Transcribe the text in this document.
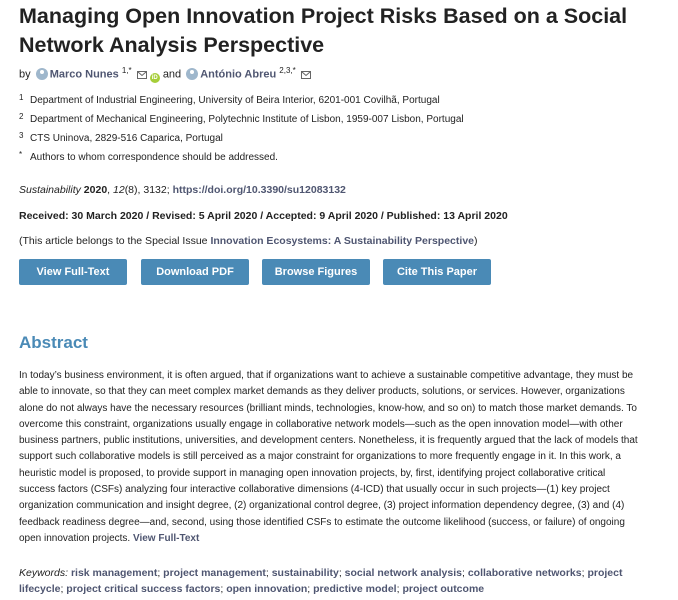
Managing Open Innovation Project Risks Based on a Social Network Analysis Perspective
by Marco Nunes $^{1,*}$  iD and António Abreu $^{2,3,*}$
1 Department of Industrial Engineering, University of Beira Interior, 6201-001 Covilhã, Portugal
2 Department of Mechanical Engineering, Polytechnic Institute of Lisbon, 1959-007 Lisbon, Portugal
3 CTS Uninova, 2829-516 Caparica, Portugal
* Authors to whom correspondence should be addressed.
Sustainability 2020, 12(8), 3132; https://doi.org/10.3390/su12083132
Received: 30 March 2020 / Revised: 5 April 2020 / Accepted: 9 April 2020 / Published: 13 April 2020
(This article belongs to the Special Issue Innovation Ecosystems: A Sustainability Perspective)
View Full-Text	Download PDF	Browse Figures	Cite This Paper
Abstract
In today’s business environment, it is often argued, that if organizations want to achieve a sustainable competitive advantage, they must be able to innovate, so that they can meet complex market demands as they deliver products, solutions, or services. However, organizations alone do not always have the necessary resources (brilliant minds, technologies, know-how, and so on) to match those market demands. To overcome this constraint, organizations usually engage in collaborative network models—such as the open innovation model—with other business partners, public institutions, universities, and development centers. Nonetheless, it is frequently argued that the lack of models that support such collaborative models is still perceived as a major constraint for organizations to more frequently engage in it. In this work, a heuristic model is proposed, to provide support in managing open innovation projects, by, first, identifying project collaborative critical success factors (CSFs) analyzing four interactive collaborative dimensions (4-ICD) that usually occur in such projects—(1) key project organization communication and insight degree, (2) organizational control degree, (3) project information dependency degree, (3) and (4) feedback readiness degree—and, second, using those identified CSFs to estimate the outcome likelihood (success, or failure) of ongoing open innovation projects. View Full-Text
Keywords: risk management; project management; sustainability; social network analysis; collaborative networks; project lifecycle; project critical success factors; open innovation; predictive model; project outcome
